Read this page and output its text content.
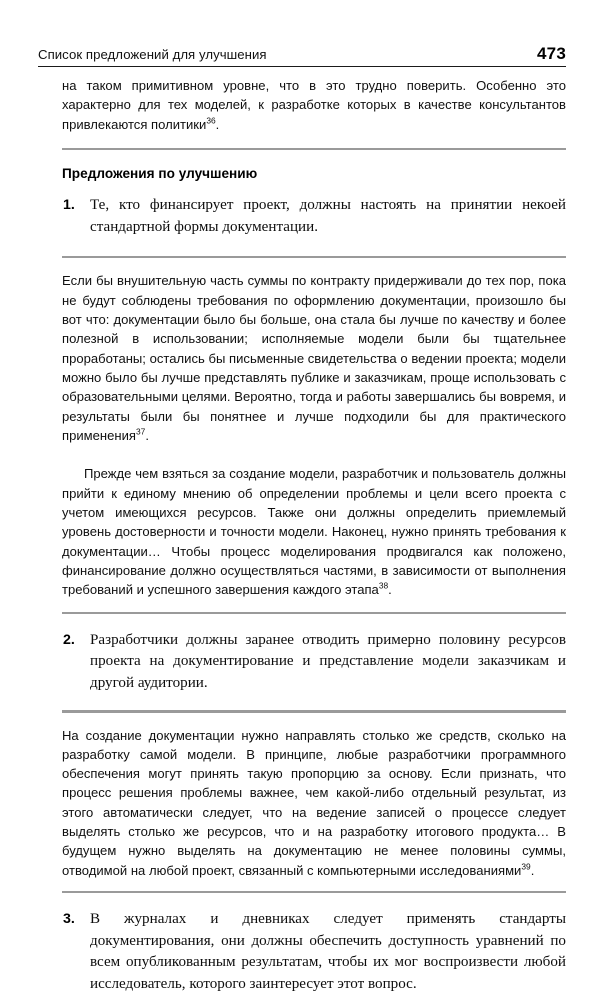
Список предложений для улучшения	473

на таком примитивном уровне, что в это трудно поверить. Особенно это характерно для тех моделей, к разработке которых в качестве консультантов привлекаются политики$^{36}$.

Предложения по улучшению
1.	Те, кто финансирует проект, должны настоять на принятии некоей стандартной формы документации.

Если бы внушительную часть суммы по контракту придерживали до тех пор, пока не будут соблюдены требования по оформлению документации, произошло бы вот что: документации было бы больше, она стала бы лучше по качеству и более полезной в использовании; исполняемые модели были бы тщательнее проработаны; остались бы письменные свидетельства о ведении проекта; модели можно было бы лучше представлять публике и заказчикам, проще использовать с образовательными целями. Вероятно, тогда и работы завершались бы вовремя, и результаты были бы понятнее и лучше подходили бы для практического применения$^{37}$.

Прежде чем взяться за создание модели, разработчик и пользователь должны прийти к единому мнению об определении проблемы и цели всего проекта с учетом имеющихся ресурсов. Также они должны определить приемлемый уровень достоверности и точности модели. Наконец, нужно принять требования к документации… Чтобы процесс моделирования продвигался как положено, финансирование должно осуществляться частями, в зависимости от выполнения требований и успешного завершения каждого этапа$^{38}$.

2.	Разработчики должны заранее отводить примерно половину ресурсов проекта на документирование и представление модели заказчикам и другой аудитории.

На создание документации нужно направлять столько же средств, сколько на разработку самой модели. В принципе, любые разработчики программного обеспечения могут принять такую пропорцию за основу. Если признать, что процесс решения проблемы важнее, чем какой-либо отдельный результат, из этого автоматически следует, что на ведение записей о процессе следует выделять столько же ресурсов, что и на разработку итогового продукта… В будущем нужно выделять на документацию не менее половины суммы, отводимой на любой проект, связанный с компьютерными исследованиями$^{39}$.

3.	В журналах и дневниках следует применять стандарты документирования, они должны обеспечить доступность уравнений по всем опубликованным результатам, чтобы их мог воспроизвести любой исследователь, которого заинтересует этот вопрос.
